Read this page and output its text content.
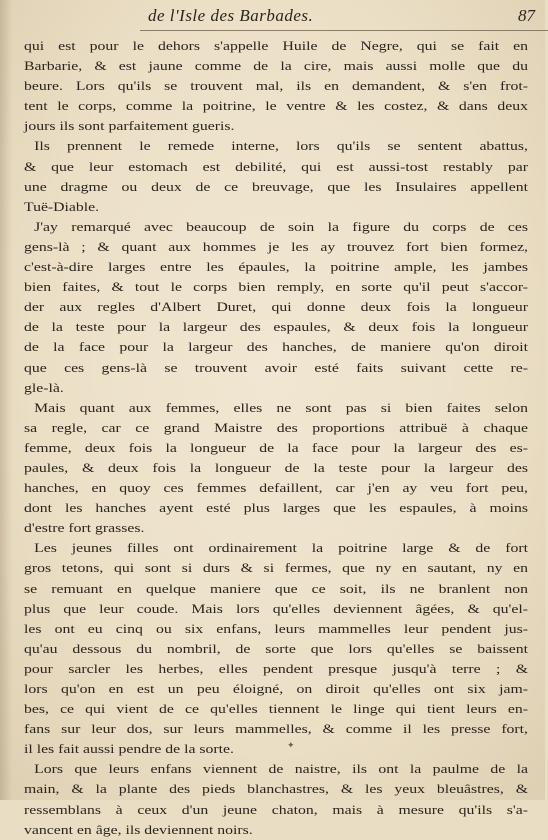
de l'Isle des Barbades.	87
qui est pour le dehors s'appelle Huile de Negre, qui se fait en
Barbarie, & est jaune comme de la cire, mais aussi molle que du
beure. Lors qu'ils se trouvent mal, ils en demandent, & s'en frot-
tent le corps, comme la poitrine, le ventre & les costez, & dans deux
jours ils sont parfaitement gueris.
Ils prennent le remede interne, lors qu'ils se sentent abattus,
& que leur estomach est debilité, qui est aussi-tost restably par
une dragme ou deux de ce breuvage, que les Insulaires appellent
Tuë-Diable.
J'ay remarqué avec beaucoup de soin la figure du corps de ces
gens-là ; & quant aux hommes je les ay trouvez fort bien formez,
c'est-à-dire larges entre les épaules, la poitrine ample, les jambes
bien faites, & tout le corps bien remply, en sorte qu'il peut s'accor-
der aux regles d'Albert Duret, qui donne deux fois la longueur
de la teste pour la largeur des espaules, & deux fois la longueur
de la face pour la largeur des hanches, de maniere qu'on diroit
que ces gens-là se trouvent avoir esté faits suivant cette re-
gle-là.
Mais quant aux femmes, elles ne sont pas si bien faites selon
sa regle, car ce grand Maistre des proportions attribuë à chaque
femme, deux fois la longueur de la face pour la largeur des es-
paules, & deux fois la longueur de la teste pour la largeur des
hanches, en quoy ces femmes defaillent, car j'en ay veu fort peu,
dont les hanches ayent esté plus larges que les espaules, à moins
d'estre fort grasses.
Les jeunes filles ont ordinairement la poitrine large & de fort
gros tetons, qui sont si durs & si fermes, que ny en sautant, ny en
se remuant en quelque maniere que ce soit, ils ne branlent non
plus que leur coude. Mais lors qu'elles deviennent âgées, & qu'el-
les ont eu cinq ou six enfans, leurs mammelles leur pendent jus-
qu'au dessous du nombril, de sorte que lors qu'elles se baissent
pour sarcler les herbes, elles pendent presque jusqu'à terre ; &
lors qu'on en est un peu éloigné, on diroit qu'elles ont six jam-
bes, ce qui vient de ce qu'elles tiennent le linge qui tient leurs en-
fans sur leur dos, sur leurs mammelles, & comme il les presse fort,
il les fait aussi pendre de la sorte.
Lors que leurs enfans viennent de naistre, ils ont la paulme de la
main, & la plante des pieds blanchastres, & les yeux bleuâstres, &
ressemblans à ceux d'un jeune chaton, mais à mesure qu'ils s'a-
vancent en âge, ils deviennent noirs.
✦
